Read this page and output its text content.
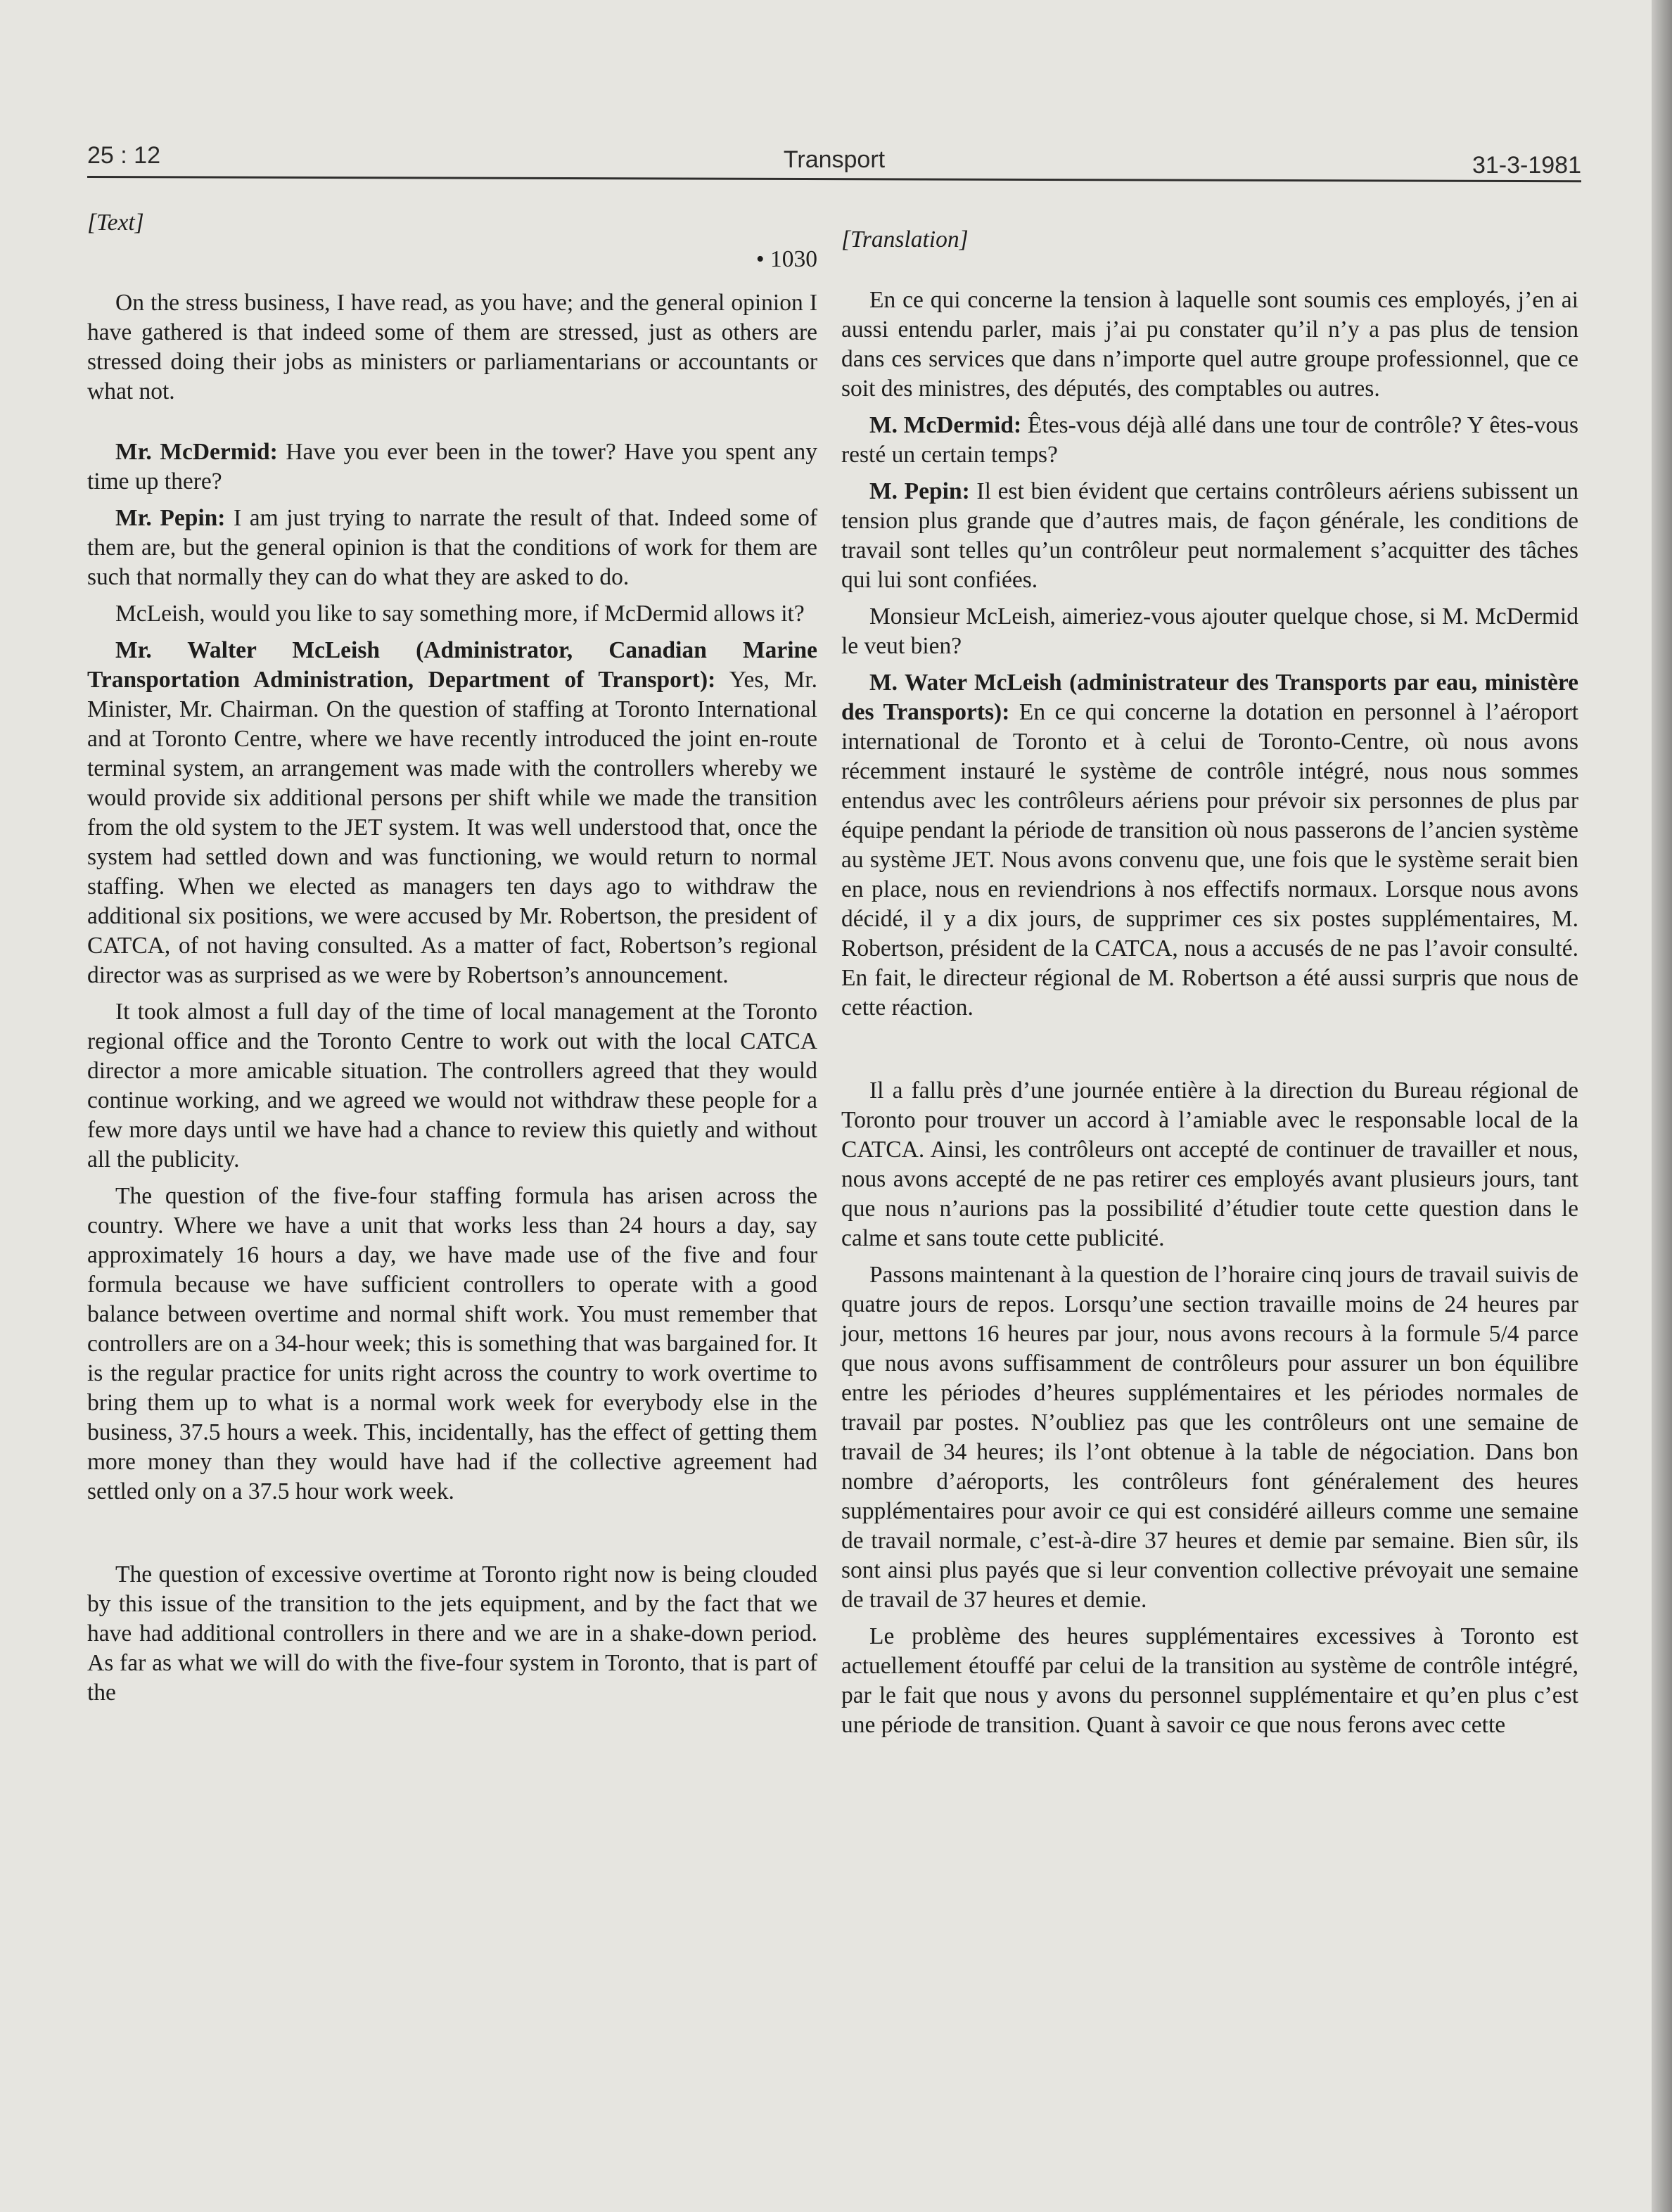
25 : 12	Transport	31-3-1981
[Text]
• 1030

On the stress business, I have read, as you have; and the general opinion I have gathered is that indeed some of them are stressed, just as others are stressed doing their jobs as ministers or parliamentarians or accountants or what not.

Mr. McDermid: Have you ever been in the tower? Have you spent any time up there?

Mr. Pepin: I am just trying to narrate the result of that. Indeed some of them are, but the general opinion is that the conditions of work for them are such that normally they can do what they are asked to do.

McLeish, would you like to say something more, if McDermid allows it?

Mr. Walter McLeish (Administrator, Canadian Marine Transportation Administration, Department of Transport): Yes, Mr. Minister, Mr. Chairman. On the question of staffing at Toronto International and at Toronto Centre, where we have recently introduced the joint en-route terminal system, an arrangement was made with the controllers whereby we would provide six additional persons per shift while we made the transition from the old system to the JET system. It was well understood that, once the system had settled down and was functioning, we would return to normal staffing. When we elected as managers ten days ago to withdraw the additional six positions, we were accused by Mr. Robertson, the president of CATCA, of not having consulted. As a matter of fact, Robertson’s regional director was as surprised as we were by Robertson’s announcement.

It took almost a full day of the time of local management at the Toronto regional office and the Toronto Centre to work out with the local CATCA director a more amicable situation. The controllers agreed that they would continue working, and we agreed we would not withdraw these people for a few more days until we have had a chance to review this quietly and without all the publicity.

The question of the five-four staffing formula has arisen across the country. Where we have a unit that works less than 24 hours a day, say approximately 16 hours a day, we have made use of the five and four formula because we have sufficient controllers to operate with a good balance between overtime and normal shift work. You must remember that controllers are on a 34-hour week; this is something that was bargained for. It is the regular practice for units right across the country to work overtime to bring them up to what is a normal work week for everybody else in the business, 37.5 hours a week. This, incidentally, has the effect of getting them more money than they would have had if the collective agreement had settled only on a 37.5 hour work week.

The question of excessive overtime at Toronto right now is being clouded by this issue of the transition to the jets equipment, and by the fact that we have had additional controllers in there and we are in a shake-down period. As far as what we will do with the five-four system in Toronto, that is part of the

[Translation]

En ce qui concerne la tension à laquelle sont soumis ces employés, j’en ai aussi entendu parler, mais j’ai pu constater qu’il n’y a pas plus de tension dans ces services que dans n’importe quel autre groupe professionnel, que ce soit des ministres, des députés, des comptables ou autres.

M. McDermid: Êtes-vous déjà allé dans une tour de contrôle? Y êtes-vous resté un certain temps?

M. Pepin: Il est bien évident que certains contrôleurs aériens subissent un tension plus grande que d’autres mais, de façon générale, les conditions de travail sont telles qu’un contrôleur peut normalement s’acquitter des tâches qui lui sont confiées.

Monsieur McLeish, aimeriez-vous ajouter quelque chose, si M. McDermid le veut bien?

M. Water McLeish (administrateur des Transports par eau, ministère des Transports): En ce qui concerne la dotation en personnel à l’aéroport international de Toronto et à celui de Toronto-Centre, où nous avons récemment instauré le système de contrôle intégré, nous nous sommes entendus avec les contrôleurs aériens pour prévoir six personnes de plus par équipe pendant la période de transition où nous passerons de l’ancien système au système JET. Nous avons convenu que, une fois que le système serait bien en place, nous en reviendrions à nos effectifs normaux. Lorsque nous avons décidé, il y a dix jours, de supprimer ces six postes supplémentaires, M. Robertson, président de la CATCA, nous a accusés de ne pas l’avoir consulté. En fait, le directeur régional de M. Robertson a été aussi surpris que nous de cette réaction.

Il a fallu près d’une journée entière à la direction du Bureau régional de Toronto pour trouver un accord à l’amiable avec le responsable local de la CATCA. Ainsi, les contrôleurs ont accepté de continuer de travailler et nous, nous avons accepté de ne pas retirer ces employés avant plusieurs jours, tant que nous n’aurions pas la possibilité d’étudier toute cette question dans le calme et sans toute cette publicité.

Passons maintenant à la question de l’horaire cinq jours de travail suivis de quatre jours de repos. Lorsqu’une section travaille moins de 24 heures par jour, mettons 16 heures par jour, nous avons recours à la formule 5/4 parce que nous avons suffisamment de contrôleurs pour assurer un bon équilibre entre les périodes d’heures supplémentaires et les périodes normales de travail par postes. N’oubliez pas que les contrôleurs ont une semaine de travail de 34 heures; ils l’ont obtenue à la table de négociation. Dans bon nombre d’aéroports, les contrôleurs font généralement des heures supplémentaires pour avoir ce qui est considéré ailleurs comme une semaine de travail normale, c’est-à-dire 37 heures et demie par semaine. Bien sûr, ils sont ainsi plus payés que si leur convention collective prévoyait une semaine de travail de 37 heures et demie.

Le problème des heures supplémentaires excessives à Toronto est actuellement étouffé par celui de la transition au système de contrôle intégré, par le fait que nous y avons du personnel supplémentaire et qu’en plus c’est une période de transition. Quant à savoir ce que nous ferons avec cette
